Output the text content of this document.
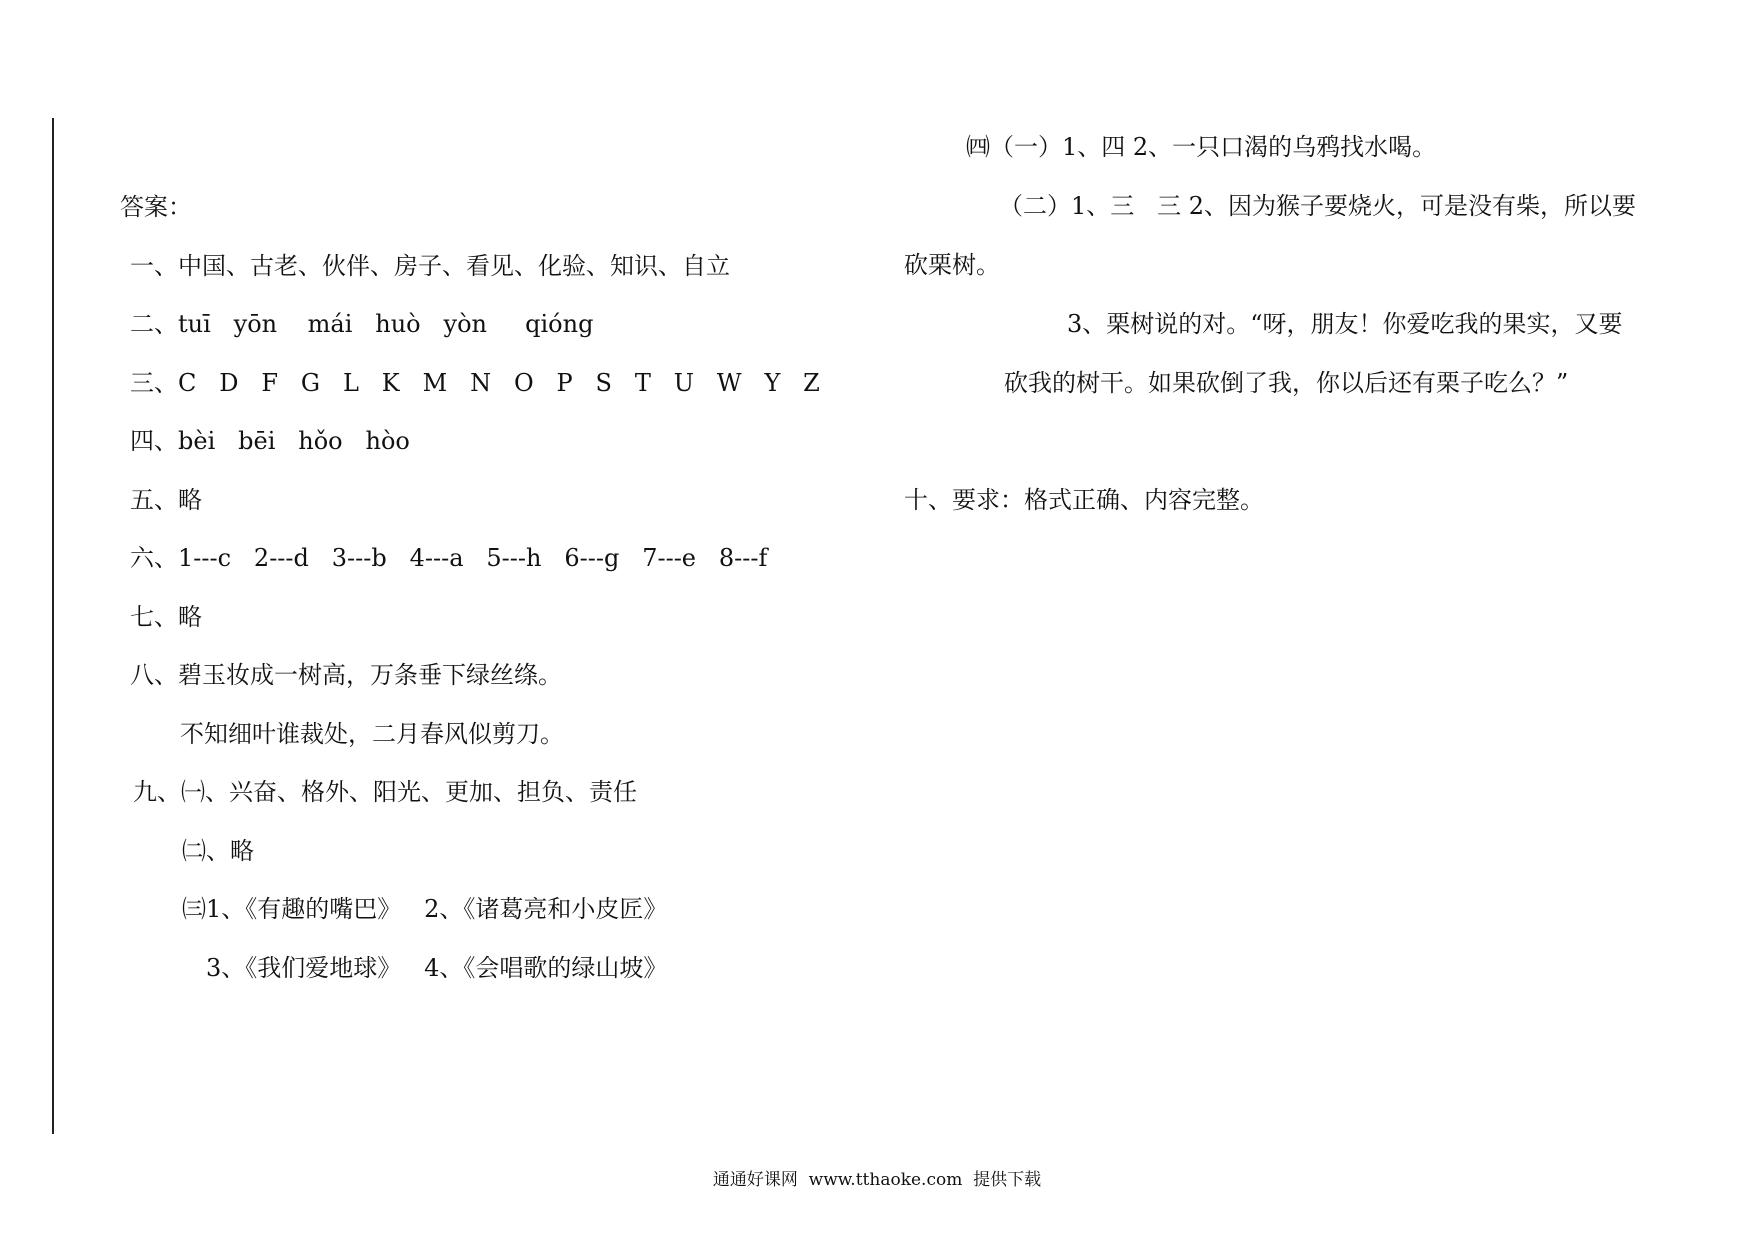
答案：
一、中国、古老、伙伴、房子、看见、化验、知识、自立
二、tuī   yōn    mái   huò   yòn     qióng
三、C   D   F   G   L   K   M   N   O   P   S   T   U   W   Y   Z
四、bèi   bēi   hǒo   hòo
五、略
六、1---c   2---d   3---b   4---a   5---h   6---g   7---e   8---f
七、略
八、碧玉妆成一树高，万条垂下绿丝绦。
不知细叶谁裁处，二月春风似剪刀。
九、㈠、兴奋、格外、阳光、更加、担负、责任
㈡、略
㈢1、《有趣的嘴巴》   2、《诸葛亮和小皮匠》
3、《我们爱地球》   4、《会唱歌的绿山坡》
㈣（一）1、四 2、一只口渴的乌鸦找水喝。
（二）1、三   三 2、因为猴子要烧火，可是没有柴，所以要
砍栗树。
3、栗树说的对。“呀，朋友！你爱吃我的果实，又要
砍我的树干。如果砍倒了我，你以后还有栗子吃么？”
十、要求：格式正确、内容完整。
通通好课网  www.tthaoke.com  提供下载
